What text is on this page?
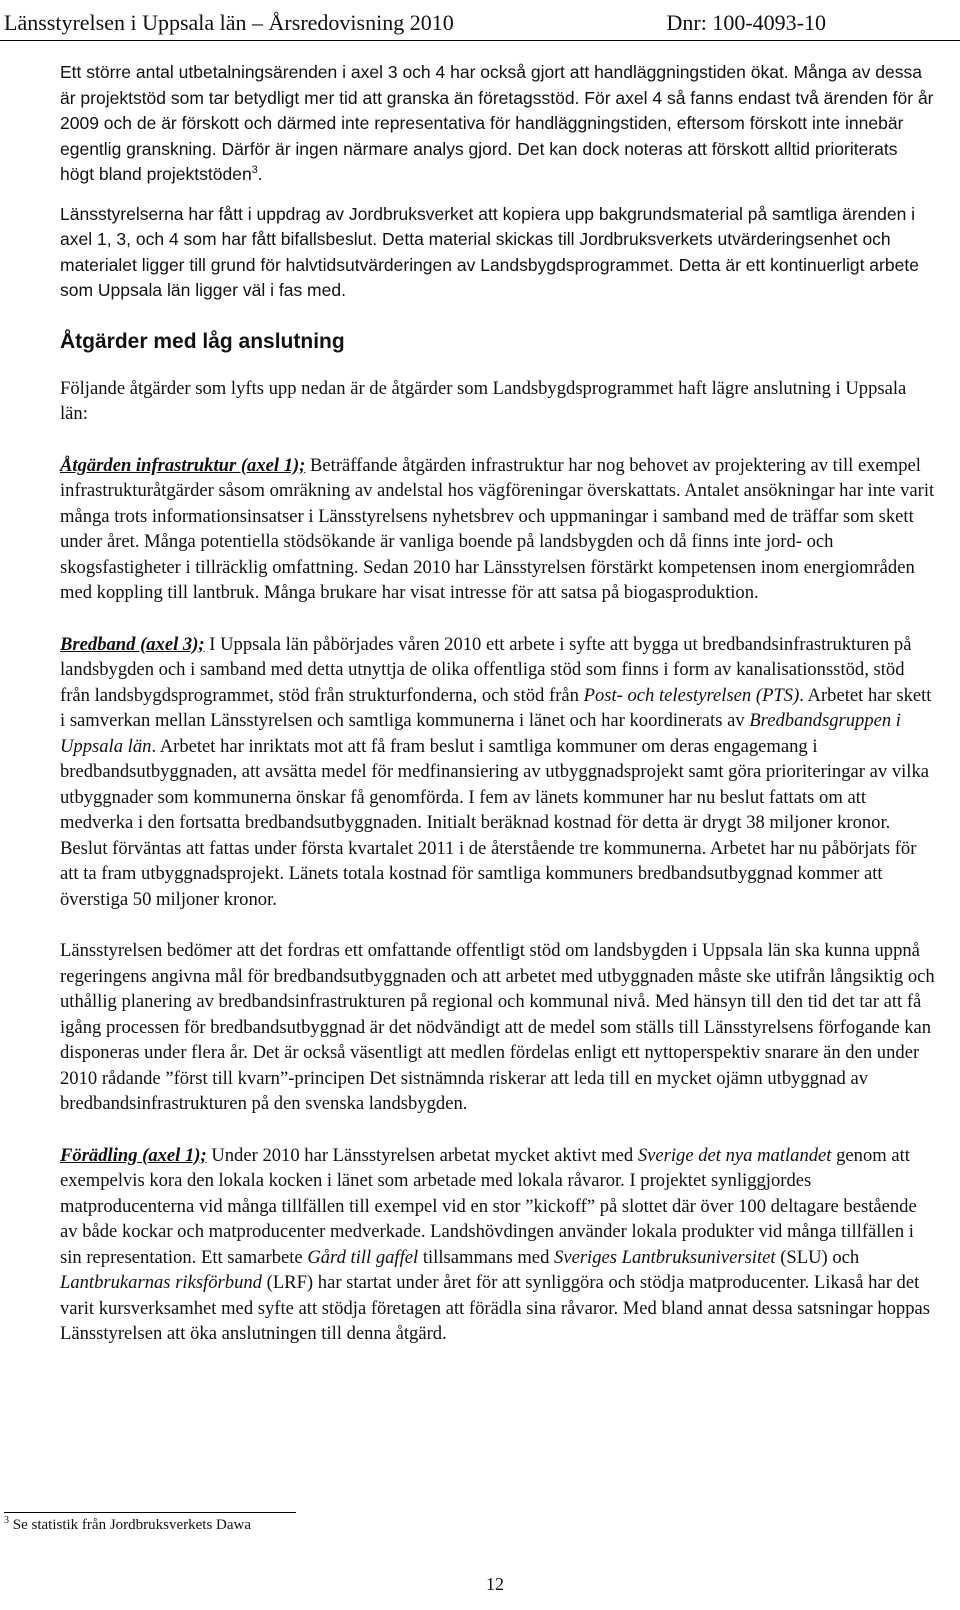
Länsstyrelsen i Uppsala län – Årsredovisning 2010	Dnr: 100-4093-10

Ett större antal utbetalningsärenden i axel 3 och 4 har också gjort att handläggningstiden ökat. Många av dessa är projektstöd som tar betydligt mer tid att granska än företagsstöd. För axel 4 så fanns endast två ärenden för år 2009 och de är förskott och därmed inte representativa för handläggningstiden, eftersom förskott inte innebär egentlig granskning. Därför är ingen närmare analys gjord. Det kan dock noteras att förskott alltid prioriterats högt bland projektstöden$^3$.

Länsstyrelserna har fått i uppdrag av Jordbruksverket att kopiera upp bakgrundsmaterial på samtliga ärenden i axel 1, 3, och 4 som har fått bifallsbeslut. Detta material skickas till Jordbruksverkets utvärderingsenhet och materialet ligger till grund för halvtidsutvärderingen av Landsbygdsprogrammet. Detta är ett kontinuerligt arbete som Uppsala län ligger väl i fas med.

Åtgärder med låg anslutning

Följande åtgärder som lyfts upp nedan är de åtgärder som Landsbygdsprogrammet haft lägre anslutning i Uppsala län:

Åtgärden infrastruktur (axel 1); Beträffande åtgärden infrastruktur har nog behovet av projektering av till exempel infrastrukturåtgärder såsom omräkning av andelstal hos vägföreningar överskattats. Antalet ansökningar har inte varit många trots informationsinsatser i Länsstyrelsens nyhetsbrev och uppmaningar i samband med de träffar som skett under året. Många potentiella stödsökande är vanliga boende på landsbygden och då finns inte jord- och skogsfastigheter i tillräcklig omfattning. Sedan 2010 har Länsstyrelsen förstärkt kompetensen inom energiområden med koppling till lantbruk. Många brukare har visat intresse för att satsa på biogasproduktion.

Bredband (axel 3); I Uppsala län påbörjades våren 2010 ett arbete i syfte att bygga ut bredbandsinfrastrukturen på landsbygden och i samband med detta utnyttja de olika offentliga stöd som finns i form av kanalisationsstöd, stöd från landsbygdsprogrammet, stöd från strukturfonderna, och stöd från Post- och telestyrelsen (PTS). Arbetet har skett i samverkan mellan Länsstyrelsen och samtliga kommunerna i länet och har koordinerats av Bredbandsgruppen i Uppsala län. Arbetet har inriktats mot att få fram beslut i samtliga kommuner om deras engagemang i bredbandsutbyggnaden, att avsätta medel för medfinansiering av utbyggnadsprojekt samt göra prioriteringar av vilka utbyggnader som kommunerna önskar få genomförda. I fem av länets kommuner har nu beslut fattats om att medverka i den fortsatta bredbandsutbyggnaden. Initialt beräknad kostnad för detta är drygt 38 miljoner kronor. Beslut förväntas att fattas under första kvartalet 2011 i de återstående tre kommunerna. Arbetet har nu påbörjats för att ta fram utbyggnadsprojekt. Länets totala kostnad för samtliga kommuners bredbandsutbyggnad kommer att överstiga 50 miljoner kronor.

Länsstyrelsen bedömer att det fordras ett omfattande offentligt stöd om landsbygden i Uppsala län ska kunna uppnå regeringens angivna mål för bredbandsutbyggnaden och att arbetet med utbyggnaden måste ske utifrån långsiktig och uthållig planering av bredbandsinfrastrukturen på regional och kommunal nivå. Med hänsyn till den tid det tar att få igång processen för bredbandsutbyggnad är det nödvändigt att de medel som ställs till Länsstyrelsens förfogande kan disponeras under flera år. Det är också väsentligt att medlen fördelas enligt ett nyttoperspektiv snarare än den under 2010 rådande ”först till kvarn”-principen Det sistnämnda riskerar att leda till en mycket ojämn utbyggnad av bredbandsinfrastrukturen på den svenska landsbygden.

Förädling (axel 1); Under 2010 har Länsstyrelsen arbetat mycket aktivt med Sverige det nya matlandet genom att exempelvis kora den lokala kocken i länet som arbetade med lokala råvaror. I projektet synliggjordes matproducenterna vid många tillfällen till exempel vid en stor ”kickoff” på slottet där över 100 deltagare bestående av både kockar och matproducenter medverkade. Landshövdingen använder lokala produkter vid många tillfällen i sin representation. Ett samarbete Gård till gaffel tillsammans med Sveriges Lantbruksuniversitet (SLU) och Lantbrukarnas riksförbund (LRF) har startat under året för att synliggöra och stödja matproducenter. Likaså har det varit kursverksamhet med syfte att stödja företagen att förädla sina råvaror. Med bland annat dessa satsningar hoppas Länsstyrelsen att öka anslutningen till denna åtgärd.

$^3$ Se statistik från Jordbruksverkets Dawa
12
